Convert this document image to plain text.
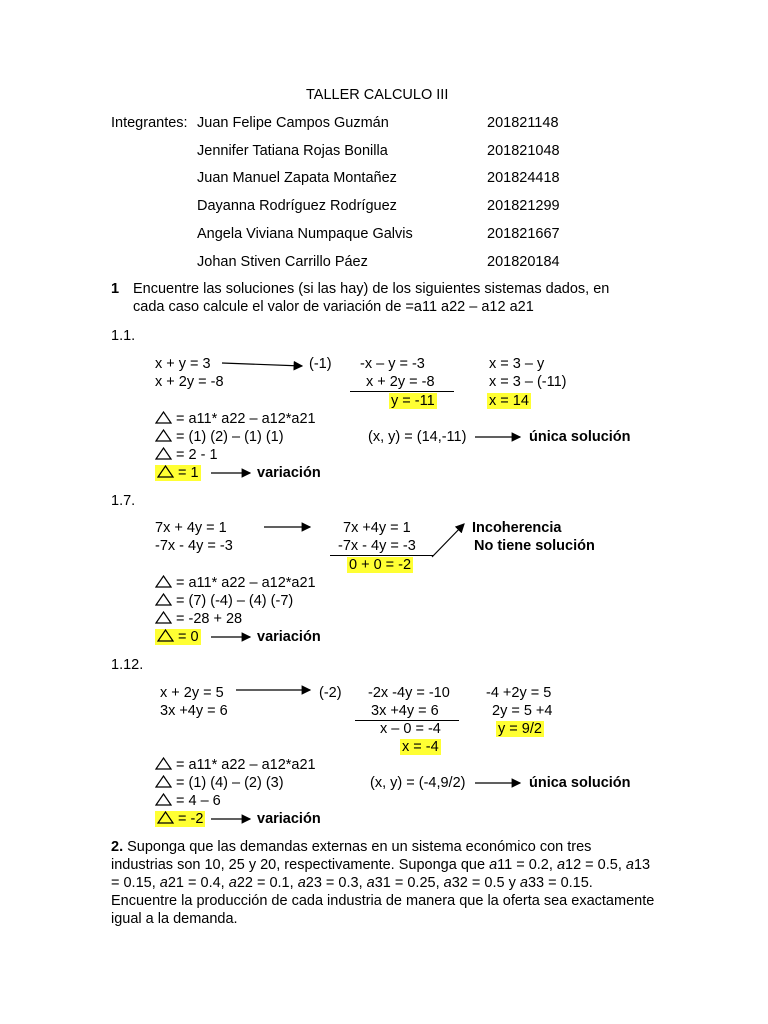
TALLER CALCULO III
Integrantes: Juan Felipe Campos Guzmán	201821148
Jennifer Tatiana Rojas Bonilla	201821048
Juan Manuel Zapata Montañez	201824418
Dayanna Rodríguez Rodríguez	201821299
Angela Viviana Numpaque Galvis	201821667
Johan Stiven Carrillo Páez	201820184
1 Encuentre las soluciones (si las hay) de los siguientes sistemas dados, en
cada caso calcule el valor de variación de =a11 a22 – a12 a21
1.1.
x + y = 3	(-1)
x + 2y = -8
-x – y = -3
x + 2y = -8
y = -11
x = 3 – y
x = 3 – (-11)
x = 14
= a11* a22 – a12*a21
= (1) (2) – (1) (1)
= 2 - 1
= 1	variación
(x, y) = (14,-11)	única solución
1.7.
7x + 4y = 1
-7x - 4y = -3
7x +4y = 1
-7x - 4y = -3
0 + 0 = -2
Incoherencia
No tiene solución
= a11* a22 – a12*a21
= (7) (-4) – (4) (-7)
= -28 + 28
= 0	variación
1.12.
x + 2y = 5	(-2)
3x +4y = 6
-2x -4y = -10
3x +4y = 6
x – 0 = -4
x = -4
-4 +2y = 5
2y = 5 +4
y = 9/2
= a11* a22 – a12*a21
= (1) (4) – (2) (3)
= 4 – 6
= -2	variación
(x, y) = (-4,9/2)	única solución
2. Suponga que las demandas externas en un sistema económico con tres industrias son 10, 25 y 20, respectivamente. Suponga que a11 = 0.2, a12 = 0.5, a13 = 0.15, a21 = 0.4, a22 = 0.1, a23 = 0.3, a31 = 0.25, a32 = 0.5 y a33 = 0.15.
Encuentre la producción de cada industria de manera que la oferta sea exactamente igual a la demanda.
